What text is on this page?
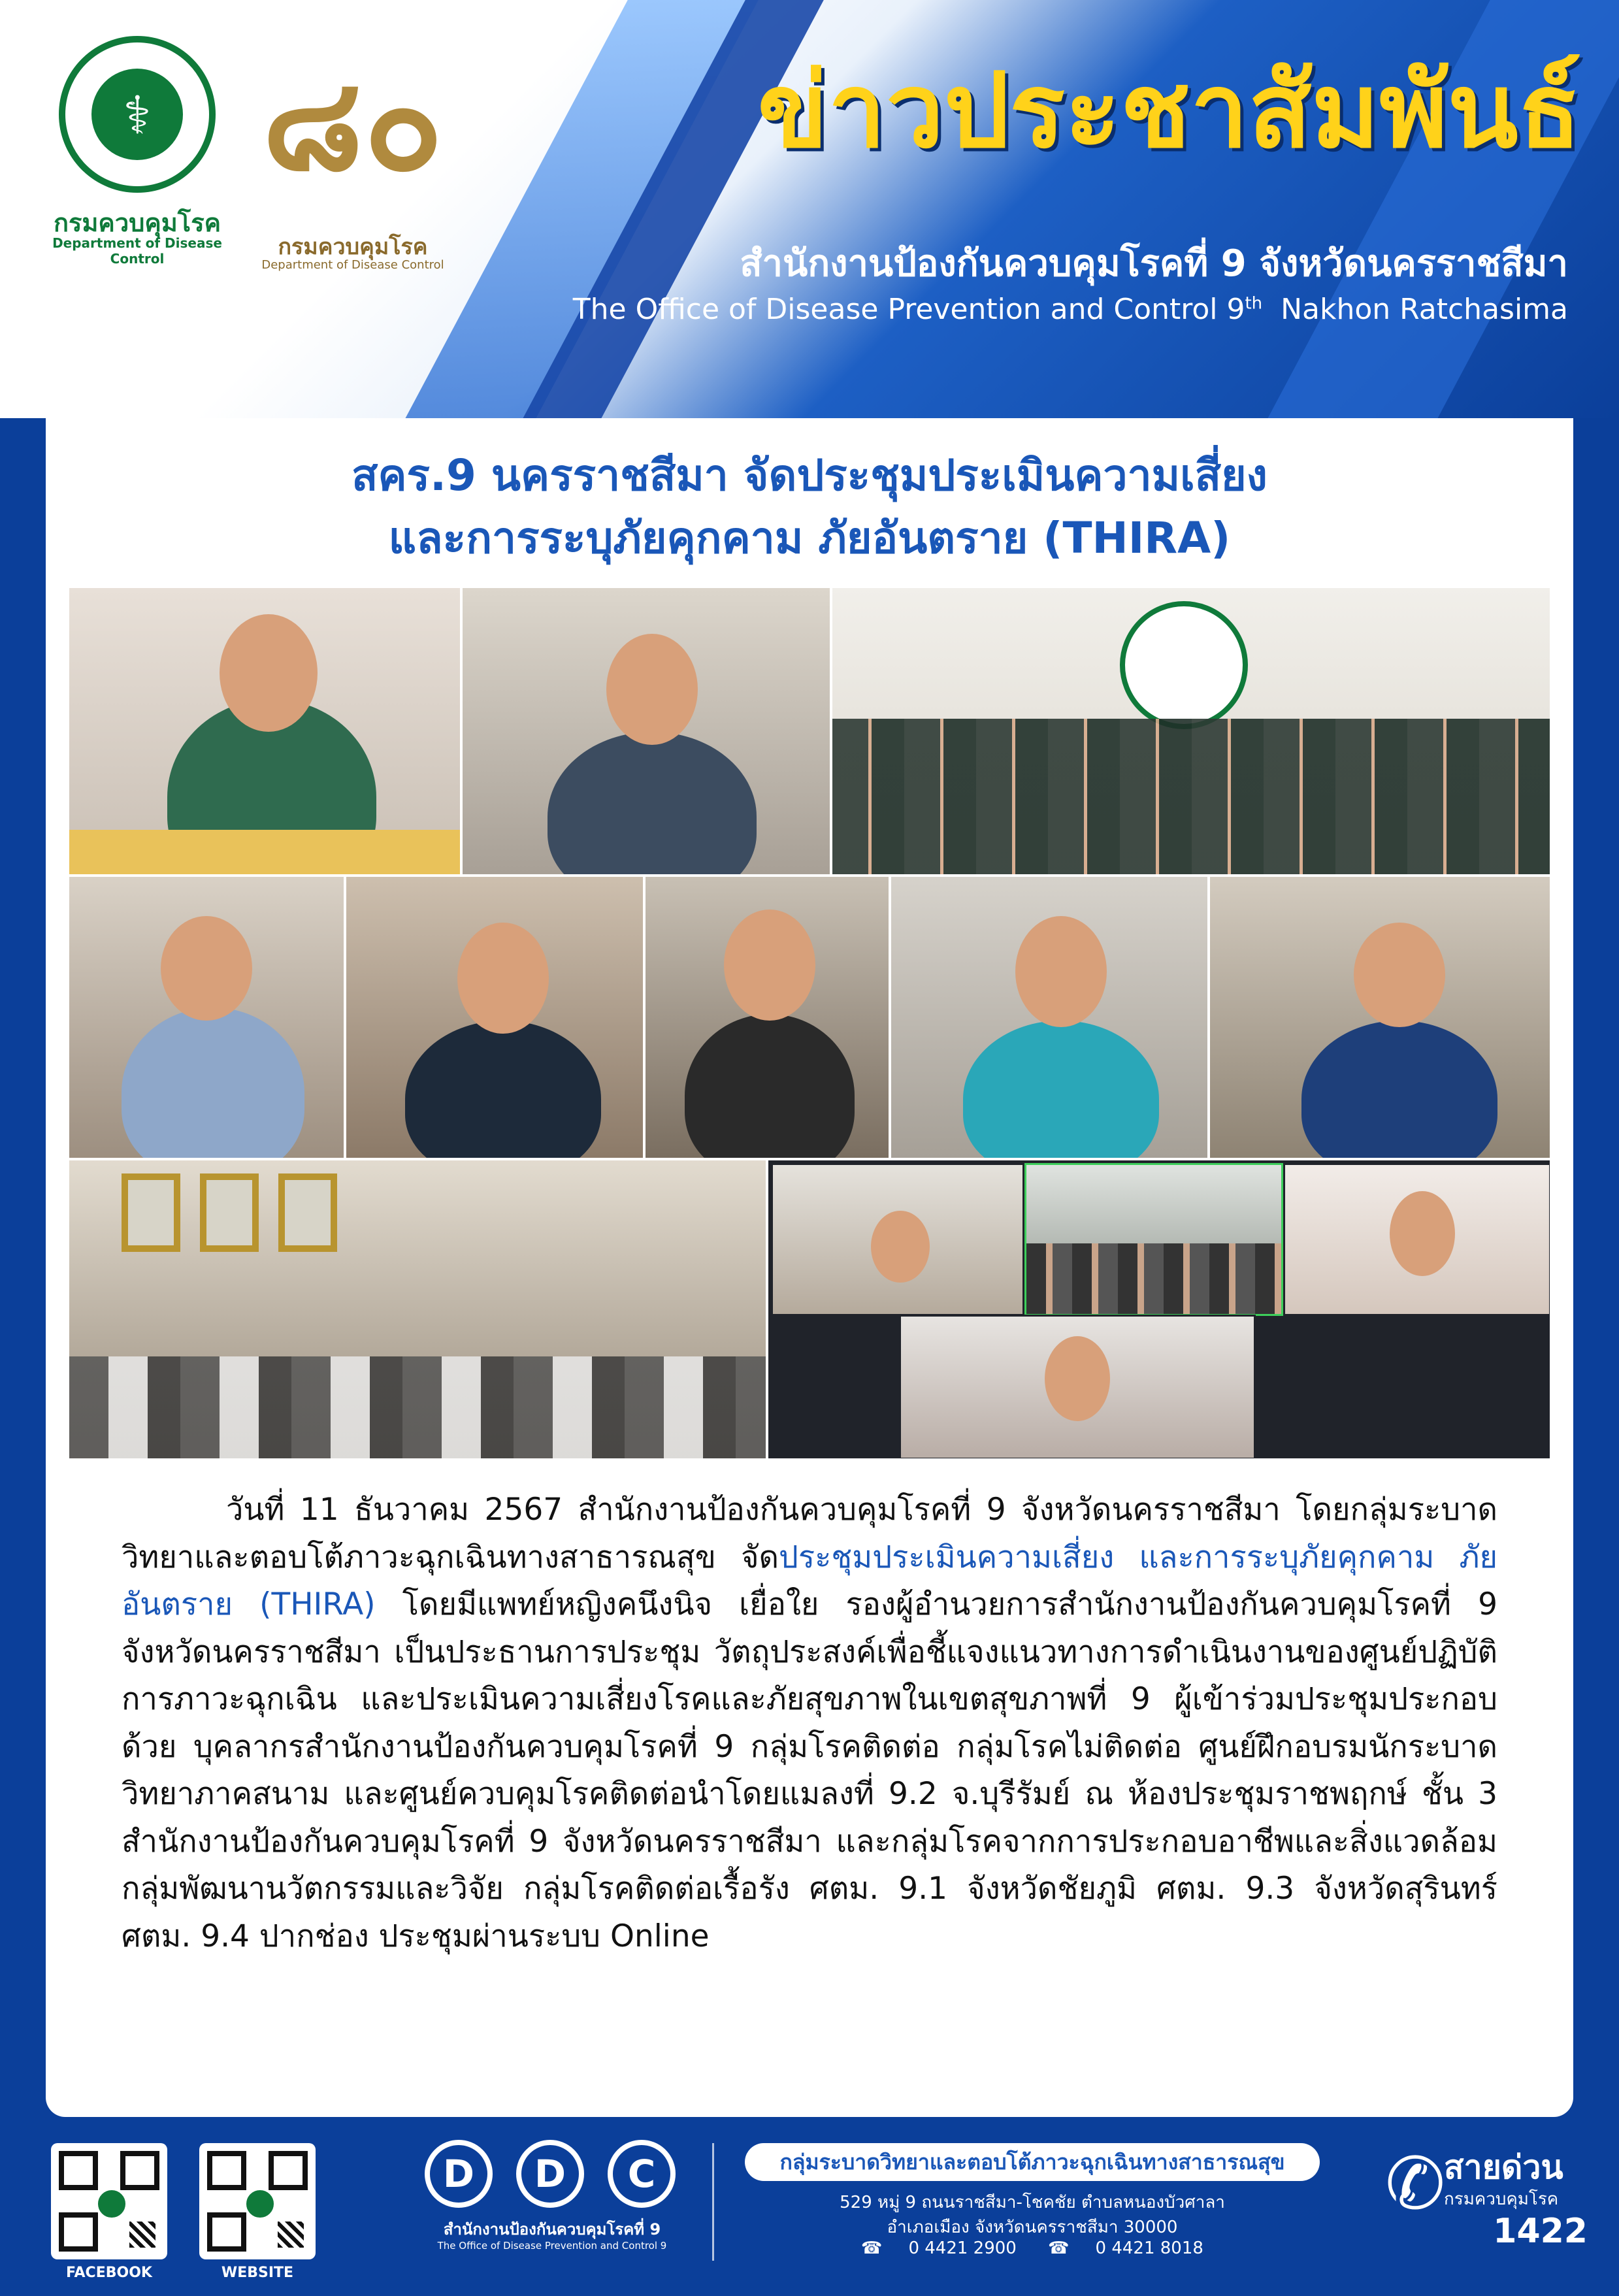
⚕
กรมควบคุมโรค
Department of Disease Control
๘๐
กรมควบคุมโรค
Department of Disease Control
ข่าวประชาสัมพันธ์
สำนักงานป้องกันควบคุมโรคที่ 9 จังหวัดนครราชสีมา
The Office of Disease Prevention and Control 9th  Nakhon Ratchasima
สคร.9 นครราชสีมา จัดประชุมประเมินความเสี่ยง
และการระบุภัยคุกคาม ภัยอันตราย (THIRA)
วันที่ 11 ธันวาคม 2567 สำนักงานป้องกันควบคุมโรคที่ 9 จังหวัดนครราชสีมา โดยกลุ่มระบาดวิทยาและตอบโต้ภาวะฉุกเฉินทางสาธารณสุข จัดประชุมประเมินความเสี่ยง และการระบุภัยคุกคาม ภัยอันตราย (THIRA) โดยมีแพทย์หญิงคนึงนิจ เยื่อใย รองผู้อำนวยการสำนักงานป้องกันควบคุมโรคที่ 9 จังหวัดนครราชสีมา เป็นประธานการประชุม วัตถุประสงค์เพื่อชี้แจงแนวทางการดำเนินงานของศูนย์ปฏิบัติการภาวะฉุกเฉิน และประเมินความเสี่ยงโรคและภัยสุขภาพในเขตสุขภาพที่ 9 ผู้เข้าร่วมประชุมประกอบด้วย บุคลากรสำนักงานป้องกันควบคุมโรคที่ 9 กลุ่มโรคติดต่อ กลุ่มโรคไม่ติดต่อ ศูนย์ฝึกอบรมนักระบาดวิทยาภาคสนาม และศูนย์ควบคุมโรคติดต่อนำโดยแมลงที่ 9.2 จ.บุรีรัมย์ ณ ห้องประชุมราชพฤกษ์ ชั้น 3 สำนักงานป้องกันควบคุมโรคที่ 9 จังหวัดนครราชสีมา และกลุ่มโรคจากการประกอบอาชีพและสิ่งแวดล้อม กลุ่มพัฒนานวัตกรรมและวิจัย กลุ่มโรคติดต่อเรื้อรัง ศตม. 9.1 จังหวัดชัยภูมิ ศตม. 9.3 จังหวัดสุรินทร์ ศตม. 9.4 ปากช่อง ประชุมผ่านระบบ Online
FACEBOOK	WEBSITE
D	D	C
สำนักงานป้องกันควบคุมโรคที่ 9
The Office of Disease Prevention and Control 9
กลุ่มระบาดวิทยาและตอบโต้ภาวะฉุกเฉินทางสาธารณสุข
529 หมู่ 9 ถนนราชสีมา-โชคชัย ตำบลหนองบัวศาลา
อำเภอเมือง จังหวัดนครราชสีมา 30000
☎ 0 4421 2900 ☎ 0 4421 8018
✆
สายด่วน
กรมควบคุมโรค
1422
